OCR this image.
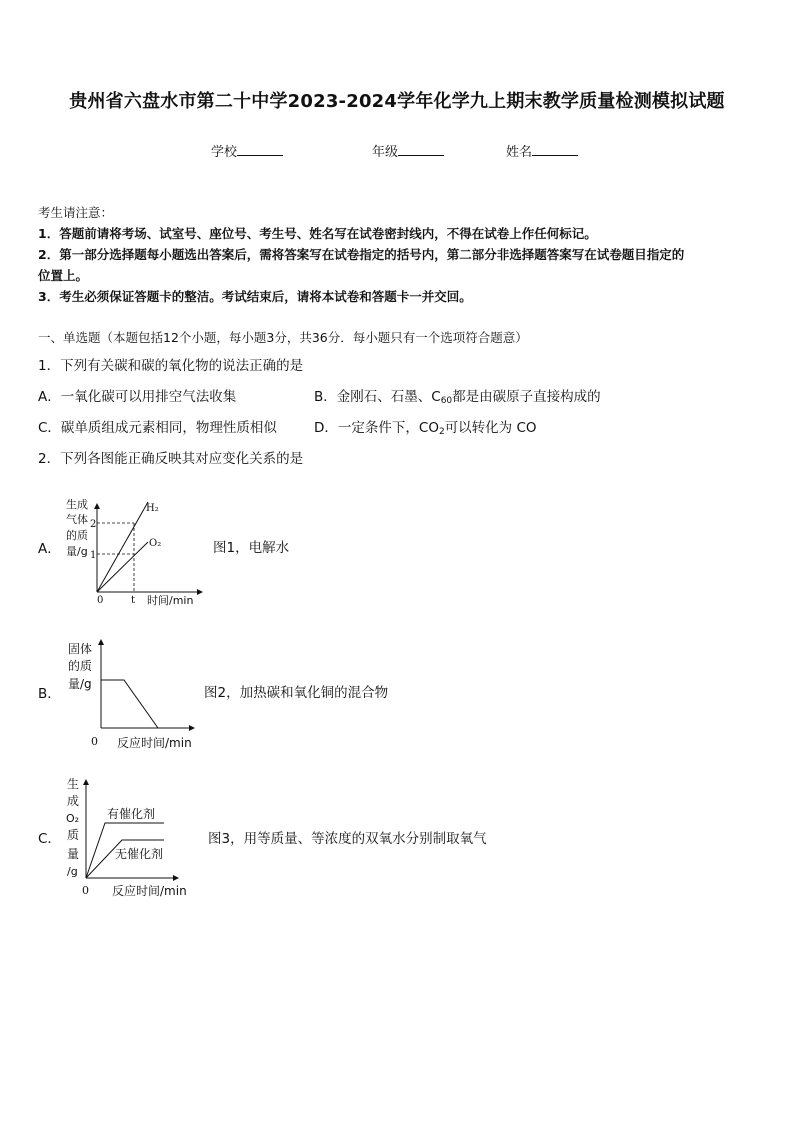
贵州省六盘水市第二十中学2023-2024学年化学九上期末教学质量检测模拟试题
学校	年级	姓名
考生请注意：
1．答题前请将考场、试室号、座位号、考生号、姓名写在试卷密封线内，不得在试卷上作任何标记。
2．第一部分选择题每小题选出答案后，需将答案写在试卷指定的括号内，第二部分非选择题答案写在试卷题目指定的
位置上。
3．考生必须保证答题卡的整洁。考试结束后，请将本试卷和答题卡一并交回。
一、单选题（本题包括12个小题，每小题3分，共36分．每小题只有一个选项符合题意）
1．下列有关碳和碳的氧化物的说法正确的是
A．一氧化碳可以用排空气法收集	B．金刚石、石墨、$C_{60}$都是由碳原子直接构成的
C．碳单质组成元素相同，物理性质相似	D．一定条件下，$CO_2$可以转化为 CO
2．下列各图能正确反映其对应变化关系的是
A．
生成
气体
的质
量/g
2
1
0	t 时间/min
H₂
O₂	图1，电解水
B．
固体
的质
量/g
0 反应时间/min
图2，加热碳和氧化铜的混合物
C．
生
成
O₂
质
量
/g
0 反应时间/min
有催化剂
无催化剂
图3，用等质量、等浓度的双氧水分别制取氧气
